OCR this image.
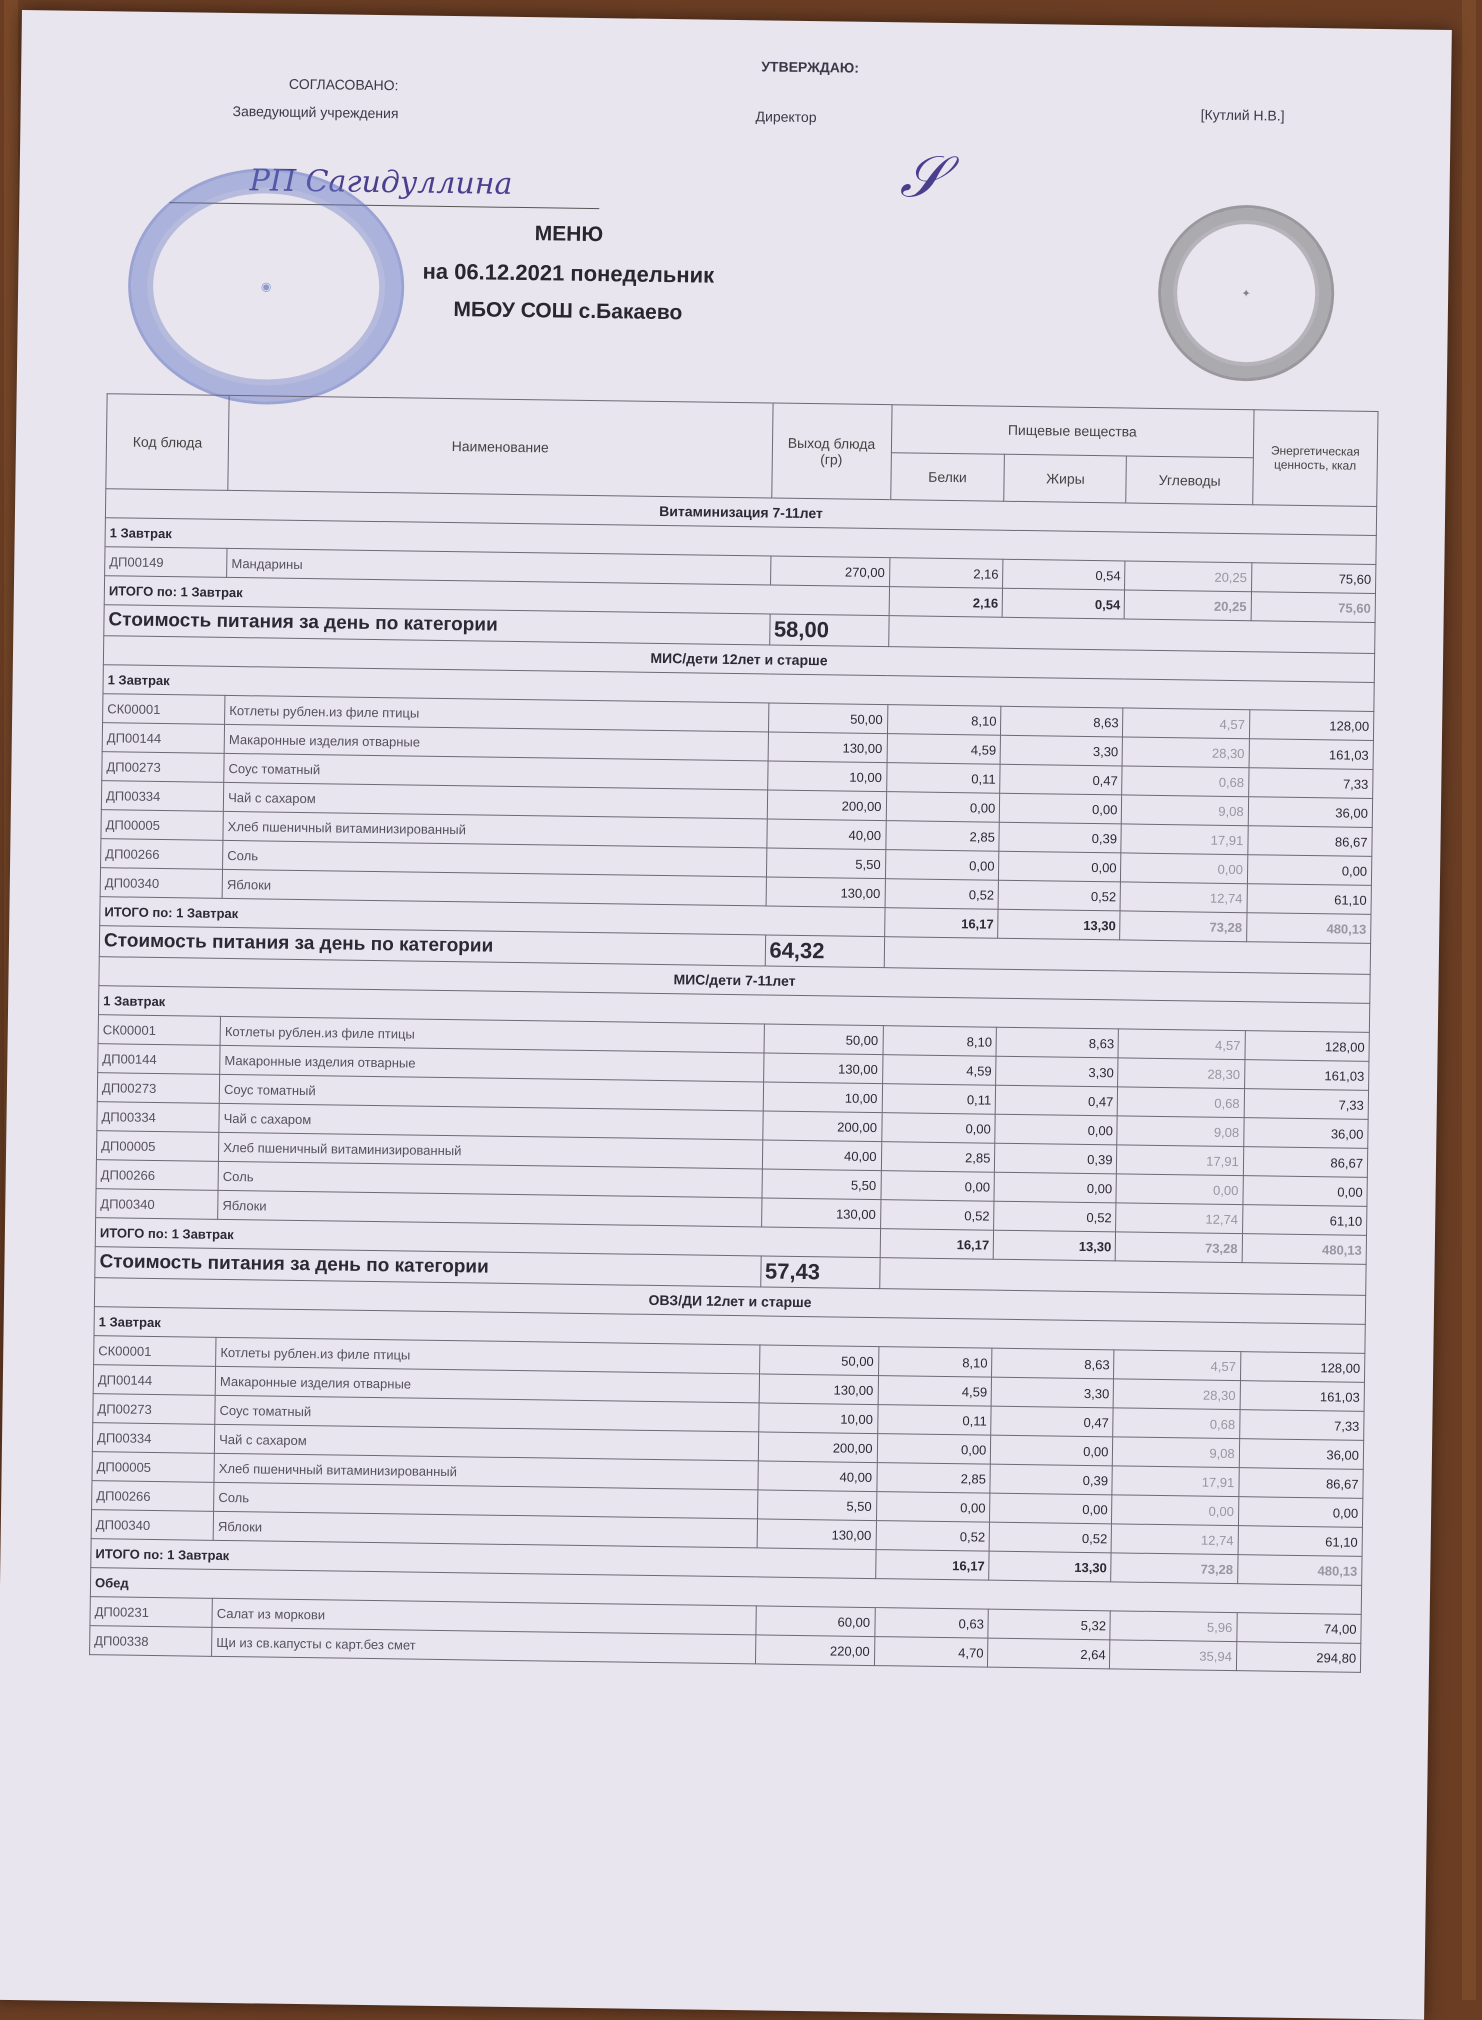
СОГЛАСОВАНО:
Заведующий учреждения
УТВЕРЖДАЮ:
Директор	[Кутлий Н.В.]
РП Сагидуллина	𝒮
◉
✦
МЕНЮ
на 06.12.2021 понедельник
МБОУ СОШ с.Бакаево
Код блюда	Наименование	Выход блюда (гр)	Пищевые вещества			Энергетическая ценность, ккал
			Белки	Жиры	Углеводы	
Витаминизация 7-11лет						
1 Завтрак						
ДП00149	Мандарины	270,00	2,16	0,54	20,25	75,60
ИТОГО по: 1 Завтрак			2,16	0,54	20,25	75,60
Стоимость питания за день по категории		58,00				
МИС/дети 12лет и старше						
1 Завтрак						
СК00001	Котлеты рублен.из филе птицы	50,00	8,10	8,63	4,57	128,00
ДП00144	Макаронные изделия отварные	130,00	4,59	3,30	28,30	161,03
ДП00273	Соус томатный	10,00	0,11	0,47	0,68	7,33
ДП00334	Чай с сахаром	200,00	0,00	0,00	9,08	36,00
ДП00005	Хлеб пшеничный витаминизированный	40,00	2,85	0,39	17,91	86,67
ДП00266	Соль	5,50	0,00	0,00	0,00	0,00
ДП00340	Яблоки	130,00	0,52	0,52	12,74	61,10
ИТОГО по: 1 Завтрак			16,17	13,30	73,28	480,13
Стоимость питания за день по категории		64,32				
МИС/дети 7-11лет						
1 Завтрак						
СК00001	Котлеты рублен.из филе птицы	50,00	8,10	8,63	4,57	128,00
ДП00144	Макаронные изделия отварные	130,00	4,59	3,30	28,30	161,03
ДП00273	Соус томатный	10,00	0,11	0,47	0,68	7,33
ДП00334	Чай с сахаром	200,00	0,00	0,00	9,08	36,00
ДП00005	Хлеб пшеничный витаминизированный	40,00	2,85	0,39	17,91	86,67
ДП00266	Соль	5,50	0,00	0,00	0,00	0,00
ДП00340	Яблоки	130,00	0,52	0,52	12,74	61,10
ИТОГО по: 1 Завтрак			16,17	13,30	73,28	480,13
Стоимость питания за день по категории		57,43				
ОВЗ/ДИ 12лет и старше						
1 Завтрак						
СК00001	Котлеты рублен.из филе птицы	50,00	8,10	8,63	4,57	128,00
ДП00144	Макаронные изделия отварные	130,00	4,59	3,30	28,30	161,03
ДП00273	Соус томатный	10,00	0,11	0,47	0,68	7,33
ДП00334	Чай с сахаром	200,00	0,00	0,00	9,08	36,00
ДП00005	Хлеб пшеничный витаминизированный	40,00	2,85	0,39	17,91	86,67
ДП00266	Соль	5,50	0,00	0,00	0,00	0,00
ДП00340	Яблоки	130,00	0,52	0,52	12,74	61,10
ИТОГО по: 1 Завтрак			16,17	13,30	73,28	480,13
Обед						
ДП00231	Салат из моркови	60,00	0,63	5,32	5,96	74,00
ДП00338	Щи из св.капусты с карт.без смет	220,00	4,70	2,64	35,94	294,80
